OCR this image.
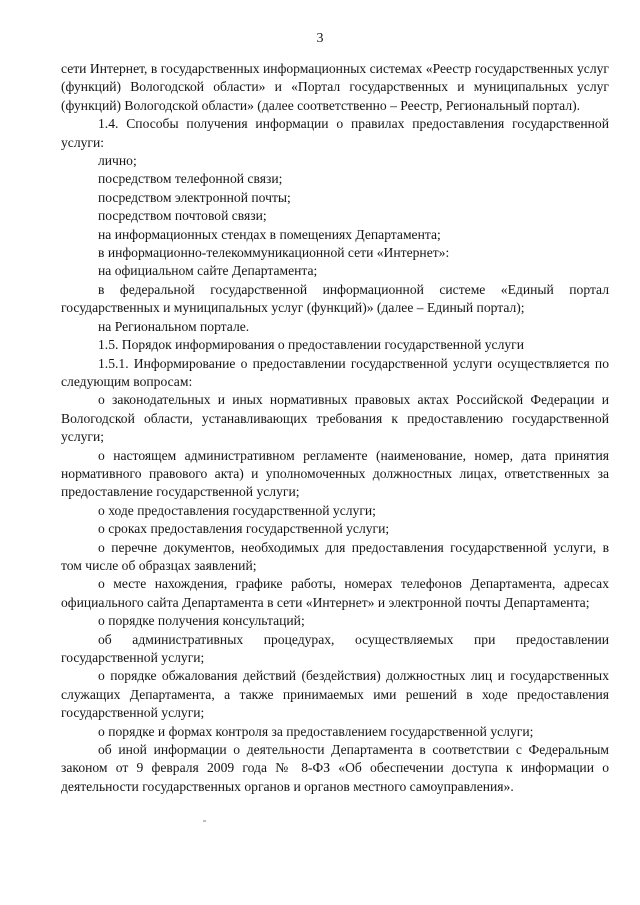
3

сети Интернет, в государственных информационных системах «Реестр государственных услуг (функций) Вологодской области» и «Портал государственных и муниципальных услуг (функций) Вологодской области» (далее соответственно – Реестр, Региональный портал).

1.4. Способы получения информации о правилах предоставления государственной услуги:

лично;

посредством телефонной связи;

посредством электронной почты;

посредством почтовой связи;

на информационных стендах в помещениях Департамента;

в информационно-телекоммуникационной сети «Интернет»:

на официальном сайте Департамента;

в федеральной государственной информационной системе «Единый портал государственных и муниципальных услуг (функций)» (далее – Единый портал);

на Региональном портале.

1.5. Порядок информирования о предоставлении государственной услуги

1.5.1. Информирование о предоставлении государственной услуги осуществляется по следующим вопросам:

о законодательных и иных нормативных правовых актах Российской Федерации и Вологодской области, устанавливающих требования к предоставлению государственной услуги;

о настоящем административном регламенте (наименование, номер, дата принятия нормативного правового акта) и уполномоченных должностных лицах, ответственных за предоставление государственной услуги;

о ходе предоставления государственной услуги;

о сроках предоставления государственной услуги;

о перечне документов, необходимых для предоставления государственной услуги, в том числе об образцах заявлений;

о месте нахождения, графике работы, номерах телефонов Департамента, адресах официального сайта Департамента в сети «Интернет» и электронной почты Департамента;

о порядке получения консультаций;

об административных процедурах, осуществляемых при предоставлении государственной услуги;

о порядке обжалования действий (бездействия) должностных лиц и государственных служащих Департамента, а также принимаемых ими решений в ходе предоставления государственной услуги;

о порядке и формах контроля за предоставлением государственной услуги;

об иной информации о деятельности Департамента в соответствии с Федеральным законом от 9 февраля 2009 года № 8-ФЗ «Об обеспечении доступа к информации о деятельности государственных органов и органов местного самоуправления».
